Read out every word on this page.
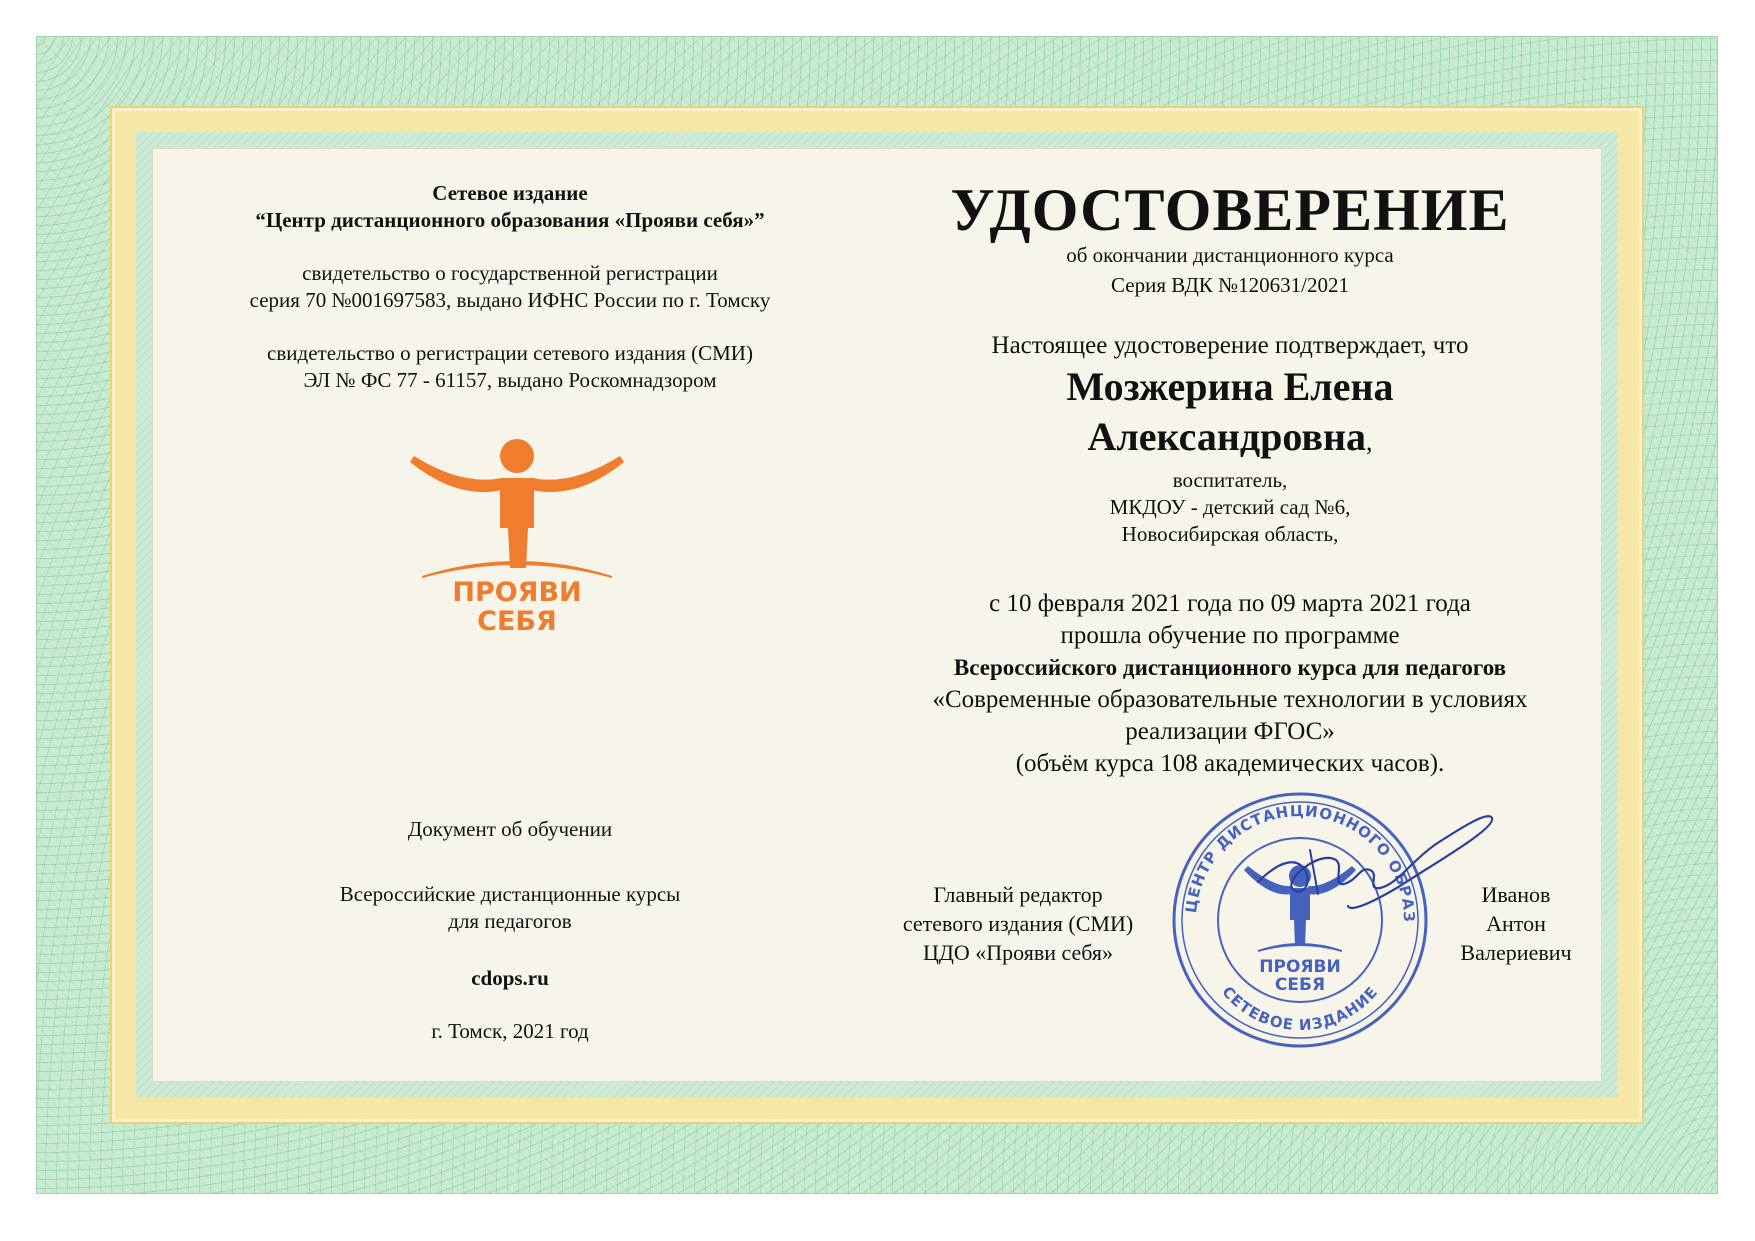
Сетевое издание

“Центр дистанционного образования «Прояви себя»”

свидетельство о государственной регистрации

серия 70 №001697583, выдано ИФНС России по г. Томску

свидетельство о регистрации сетевого издания (СМИ)

ЭЛ № ФС 77 - 61157, выдано Роскомнадзором

ПРОЯВИ
СЕБЯ

Документ об обучении

Всероссийские дистанционные курсы

для педагогов

cdops.ru

г. Томск, 2021 год

УДОСТОВЕРЕНИЕ

об окончании дистанционного курса

Серия ВДК №120631/2021

Настоящее удостоверение подтверждает, что

Мозжерина Елена

Александровна,

воспитатель,

МКДОУ - детский сад №6,

Новосибирская область,

с 10 февраля 2021 года по 09 марта 2021 года

прошла обучение по программе

Всероссийского дистанционного курса для педагогов

«Современные образовательные технологии в условиях

реализации ФГОС»

(объём курса 108 академических часов).

Главный редактор
сетевого издания (СМИ)
ЦДО «Прояви себя»
Иванов
Антон
Валериевич
ЦЕНТР ДИСТАНЦИОННОГО ОБРАЗ
СЕТЕВОЕ ИЗДАНИЕ
ПРОЯВИ
СЕБЯ
